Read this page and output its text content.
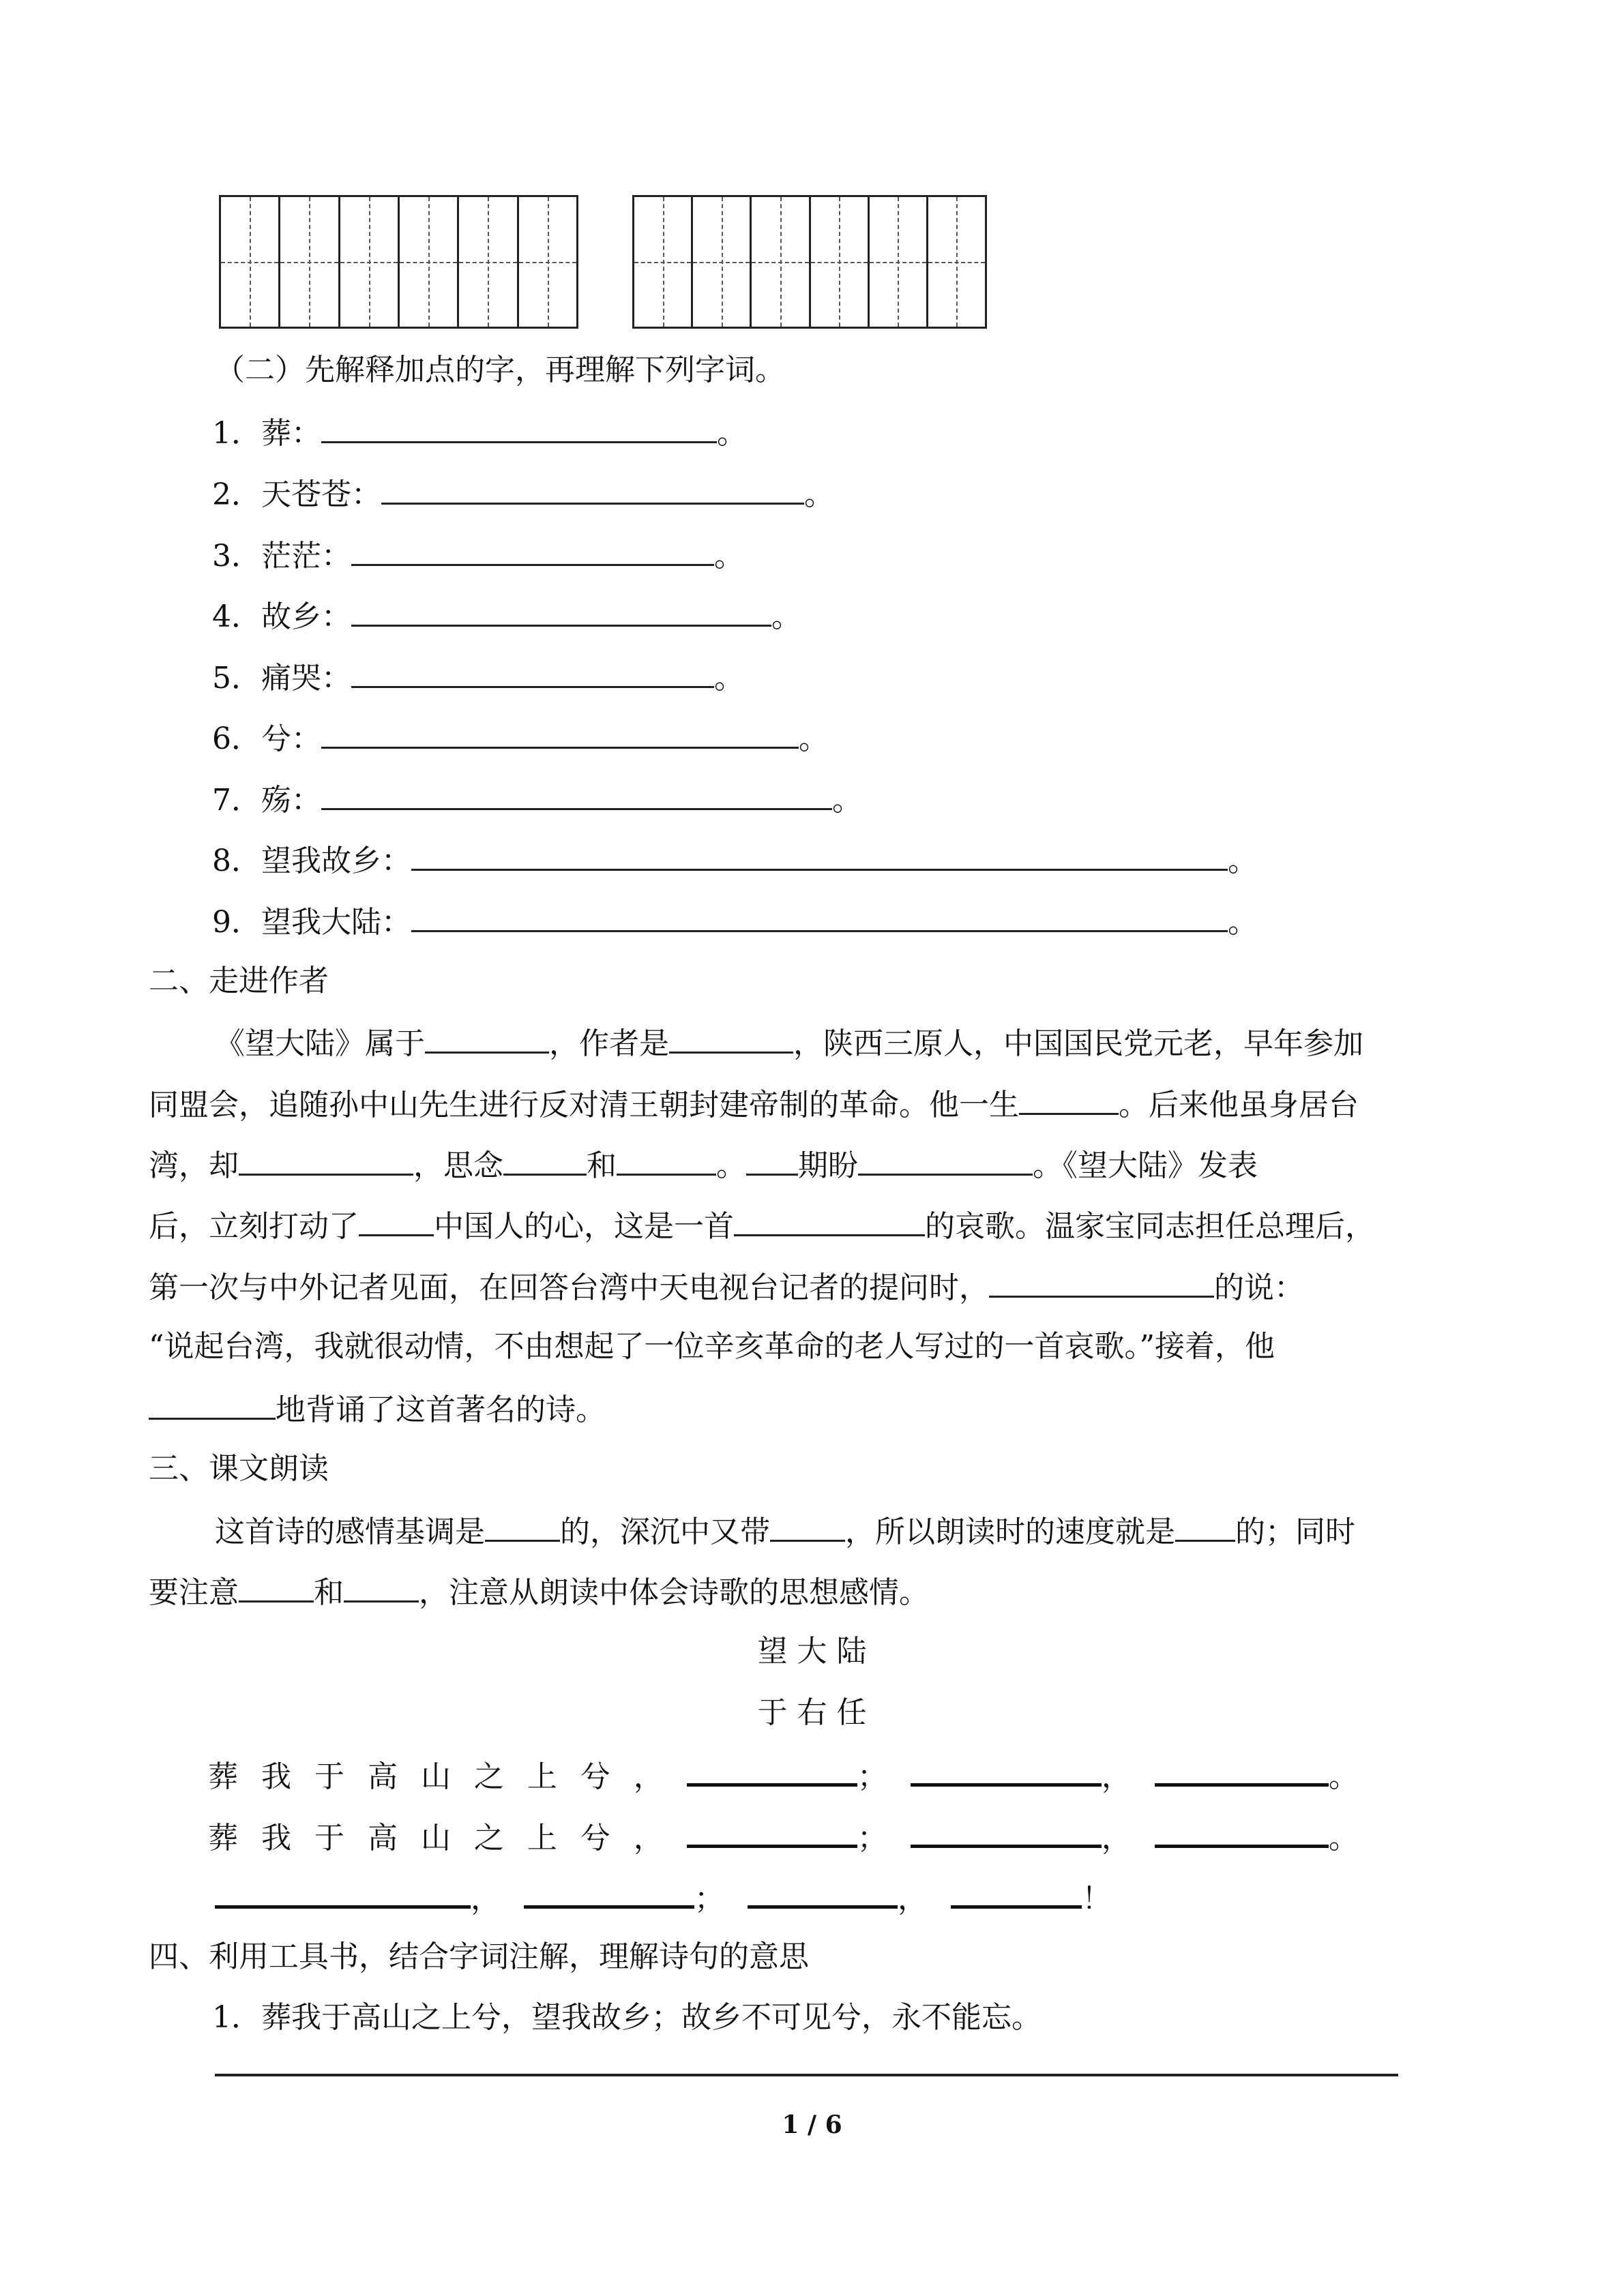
（二）先解释加点的字，再理解下列字词。
1．葬：	。
2．天苍苍：	。
3．茫茫：	。
4．故乡：	。
5．痛哭：	。
6．兮：	。
7．殇：	。
8．望我故乡：	。
9．望我大陆：	。
二、走进作者
《望大陆》属于	，作者是	，陕西三原人，中国国民党元老，早年参加
同盟会，追随孙中山先生进行反对清王朝封建帝制的革命。他一生	。后来他虽身居台
湾，却	，思念	和	。 期盼	。《望大陆》发表
后，立刻打动了	中国人的心，这是一首	的哀歌。温家宝同志担任总理后，
第一次与中外记者见面，在回答台湾中天电视台记者的提问时，	的说：
“说起台湾，我就很动情，不由想起了一位辛亥革命的老人写过的一首哀歌。”接着，他
地背诵了这首著名的诗。
三、课文朗读
这首诗的感情基调是	的，深沉中又带	，所以朗读时的速度就是 的；同时
要注意	和	，注意从朗读中体会诗歌的思想感情。
望 大 陆
于 右 任
葬 我 于 高 山 之 上 兮 ，	；	，	。
葬 我 于 高 山 之 上 兮 ，	；	，	。
，	；	，	！
四、利用工具书，结合字词注解，理解诗句的意思
1．葬我于高山之上兮，望我故乡；故乡不可见兮，永不能忘。
1 / 6
